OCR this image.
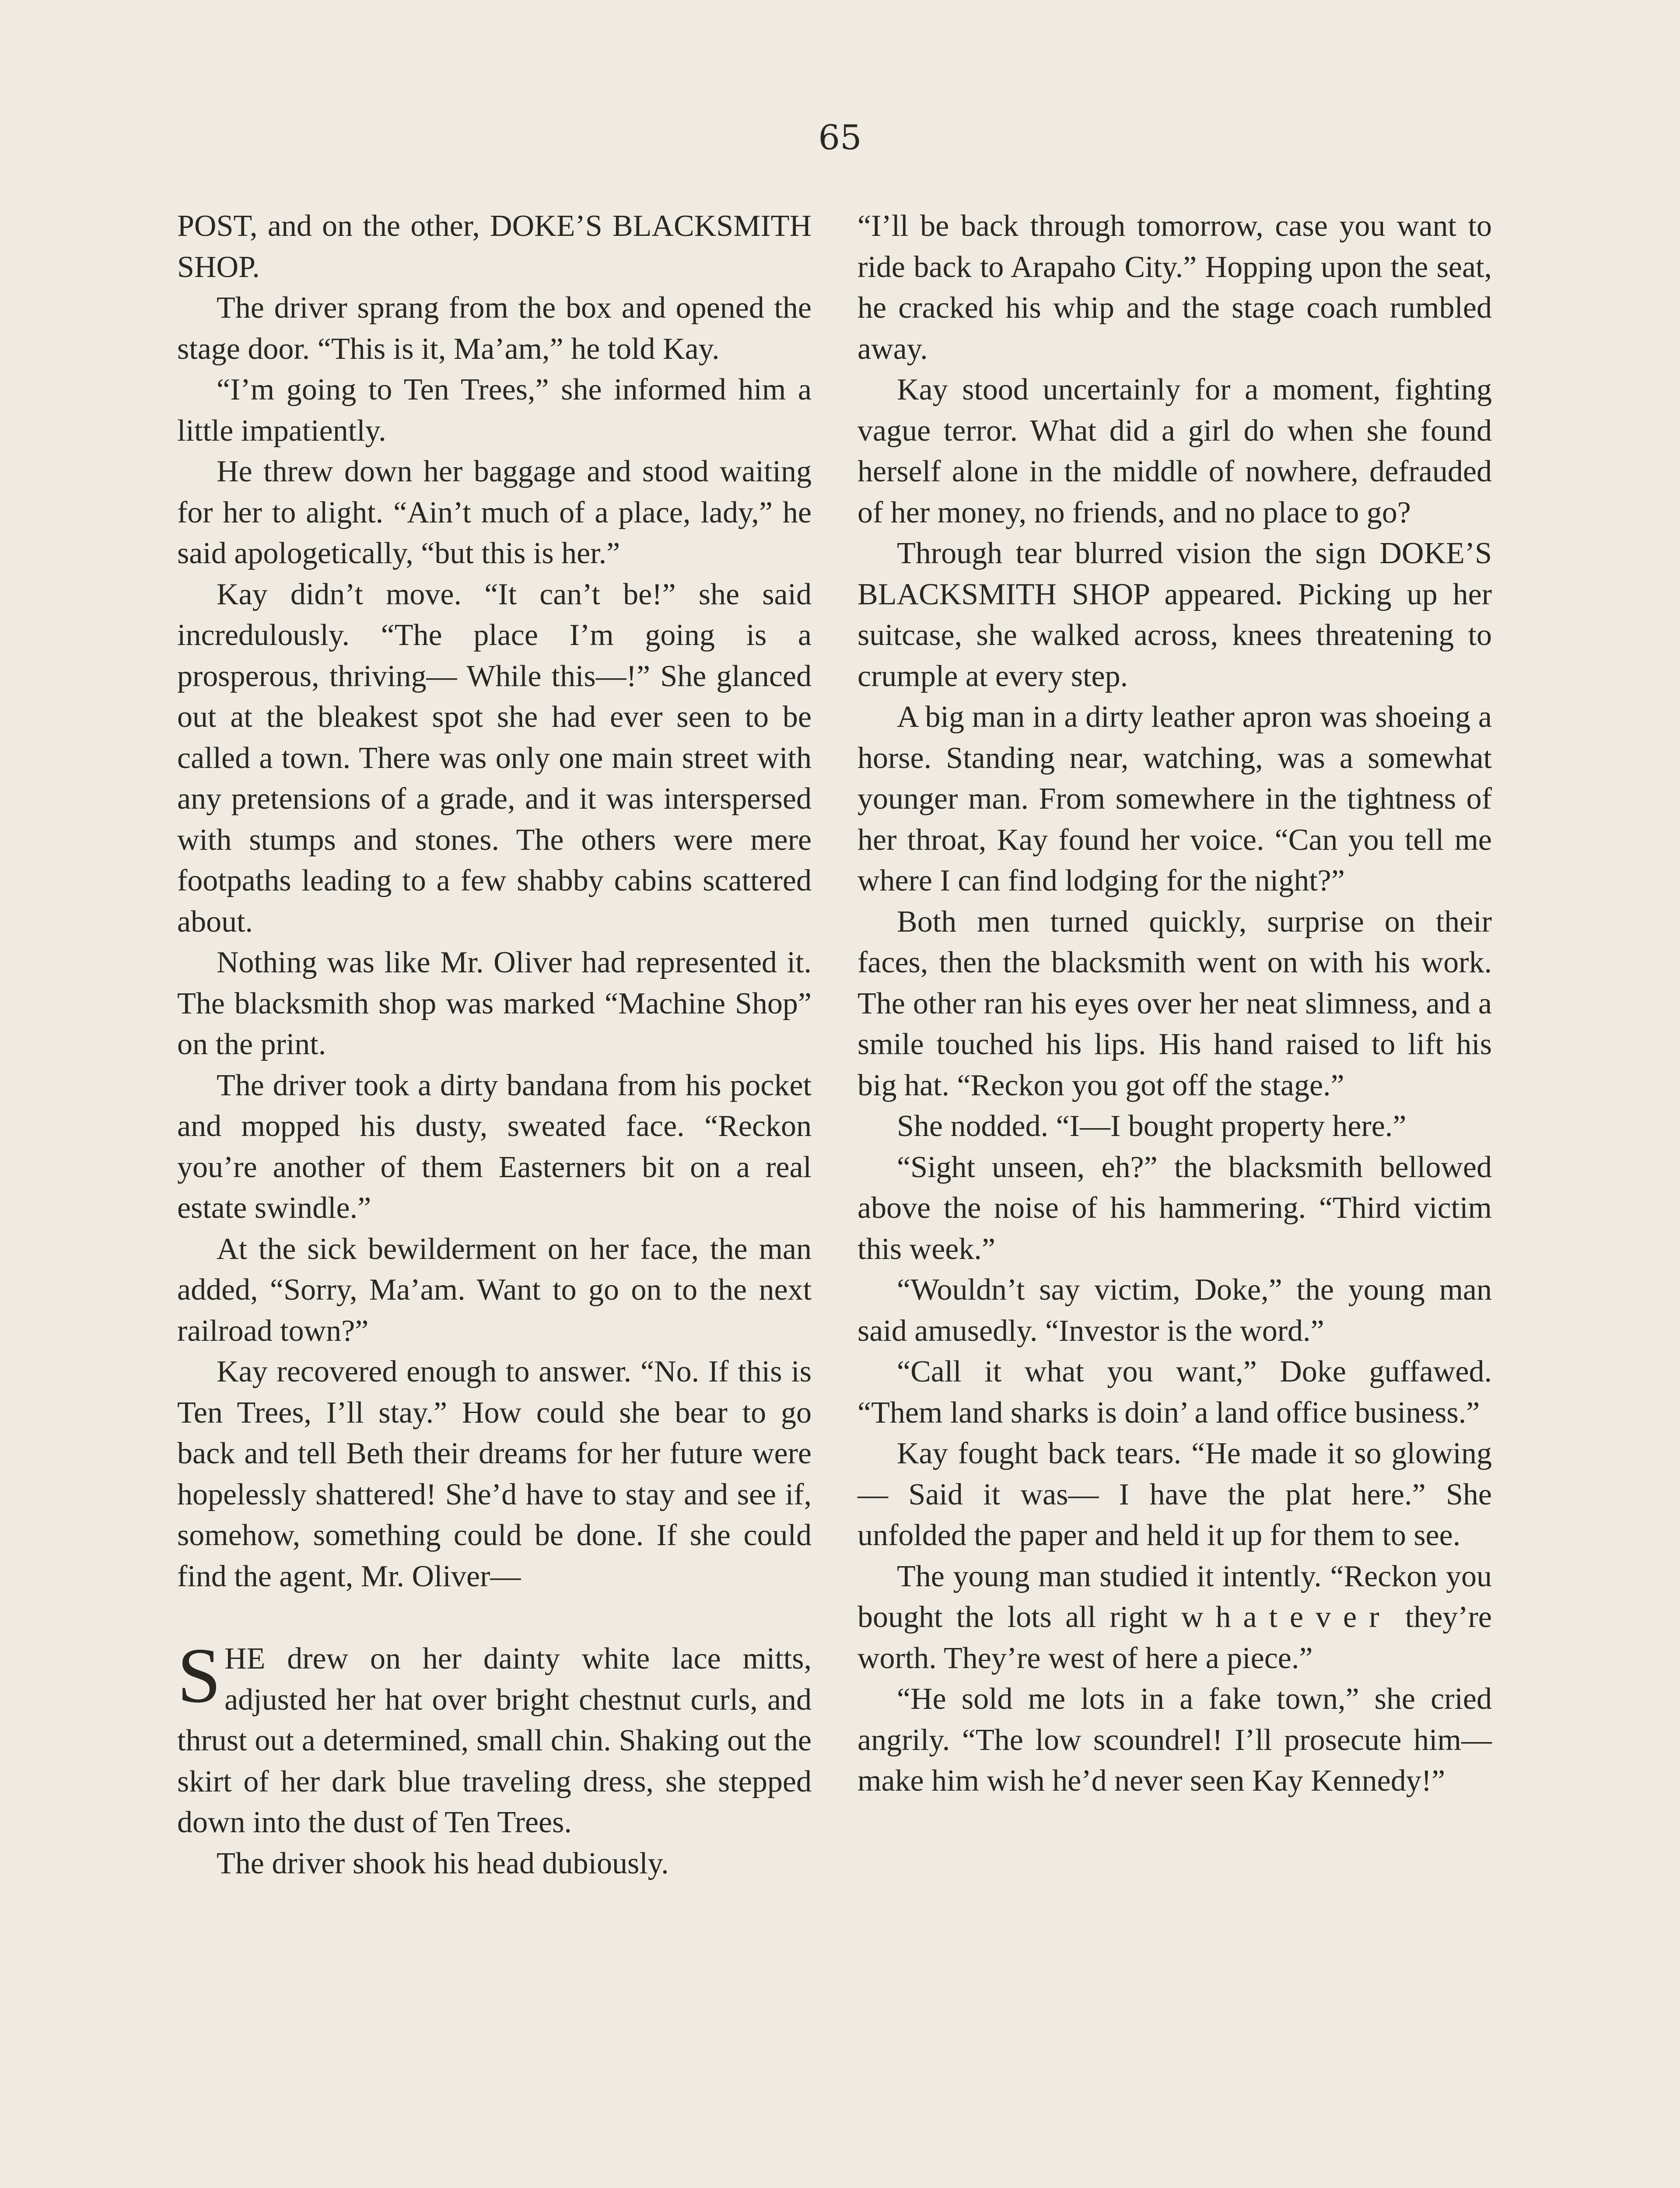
65

POST, and on the other, DOKE’S BLACKSMITH SHOP.

The driver sprang from the box and opened the stage door. “This is it, Ma’am,” he told Kay.

“I’m going to Ten Trees,” she informed him a little impatiently.

He threw down her baggage and stood waiting for her to alight. “Ain’t much of a place, lady,” he said apologetically, “but this is her.”

Kay didn’t move. “It can’t be!” she said incredulously. “The place I’m going is a prosperous, thriving— While this—!” She glanced out at the bleakest spot she had ever seen to be called a town. There was only one main street with any pretensions of a grade, and it was interspersed with stumps and stones. The others were mere footpaths leading to a few shabby cabins scattered about.

Nothing was like Mr. Oliver had represented it. The blacksmith shop was marked “Machine Shop” on the print.

The driver took a dirty bandana from his pocket and mopped his dusty, sweated face. “Reckon you’re another of them Easterners bit on a real estate swindle.”

At the sick bewilderment on her face, the man added, “Sorry, Ma’am. Want to go on to the next railroad town?”

Kay recovered enough to answer. “No. If this is Ten Trees, I’ll stay.” How could she bear to go back and tell Beth their dreams for her future were hopelessly shattered! She’d have to stay and see if, somehow, something could be done. If she could find the agent, Mr. Oliver—

SHE drew on her dainty white lace mitts, adjusted her hat over bright chestnut curls, and thrust out a determined, small chin. Shaking out the skirt of her dark blue traveling dress, she stepped down into the dust of Ten Trees.

The driver shook his head dubiously.

“I’ll be back through tomorrow, case you want to ride back to Arapaho City.” Hopping upon the seat, he cracked his whip and the stage coach rumbled away.

Kay stood uncertainly for a moment, fighting vague terror. What did a girl do when she found herself alone in the middle of nowhere, defrauded of her money, no friends, and no place to go?

Through tear blurred vision the sign DOKE’S BLACKSMITH SHOP appeared. Picking up her suitcase, she walked across, knees threatening to crumple at every step.

A big man in a dirty leather apron was shoeing a horse. Standing near, watching, was a somewhat younger man. From somewhere in the tightness of her throat, Kay found her voice. “Can you tell me where I can find lodging for the night?”

Both men turned quickly, surprise on their faces, then the blacksmith went on with his work. The other ran his eyes over her neat slimness, and a smile touched his lips. His hand raised to lift his big hat. “Reckon you got off the stage.”

She nodded. “I—I bought property here.”

“Sight unseen, eh?” the blacksmith bellowed above the noise of his hammering. “Third victim this week.”

“Wouldn’t say victim, Doke,” the young man said amusedly. “Investor is the word.”

“Call it what you want,” Doke guffawed. “Them land sharks is doin’ a land office business.”

Kay fought back tears. “He made it so glowing— Said it was— I have the plat here.” She unfolded the paper and held it up for them to see.

The young man studied it intently. “Reckon you bought the lots all right whatever they’re worth. They’re west of here a piece.”

“He sold me lots in a fake town,” she cried angrily. “The low scoundrel! I’ll prosecute him—make him wish he’d never seen Kay Kennedy!”
